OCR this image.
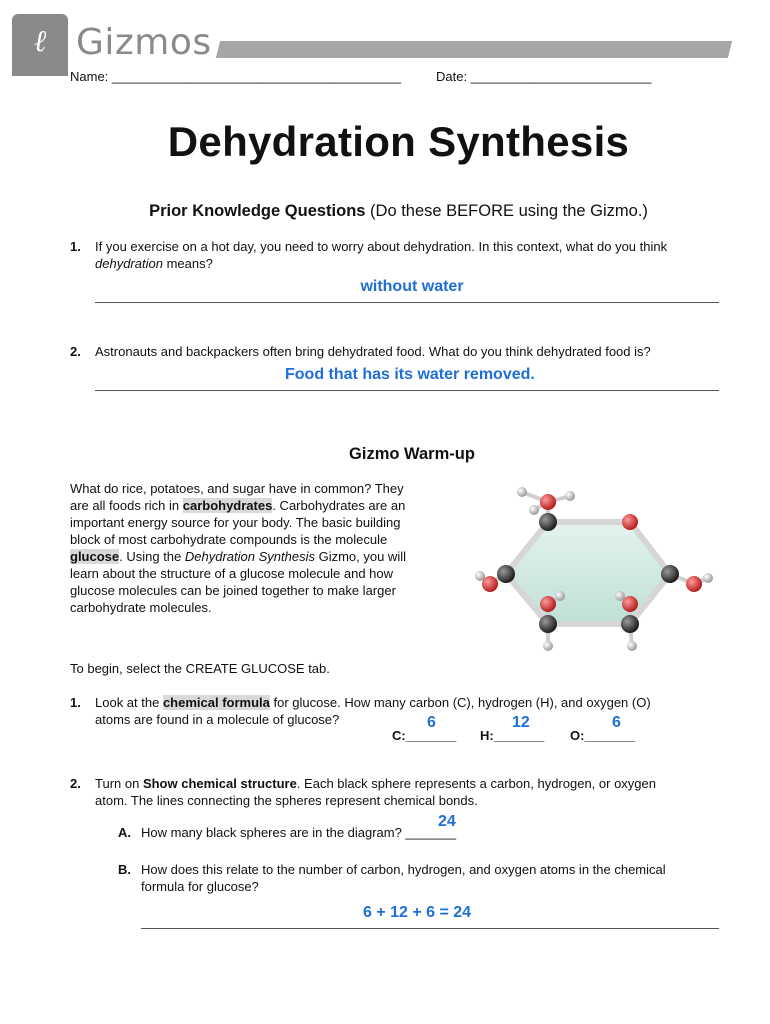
ℓ Gizmos
Name: ________________________________________	Date: _________________________
Dehydration Synthesis
Prior Knowledge Questions (Do these BEFORE using the Gizmo.)
1. If you exercise on a hot day, you need to worry about dehydration. In this context, what do you think
dehydration means?
without water
2. Astronauts and backpackers often bring dehydrated food. What do you think dehydrated food is?
Food that has its water removed.
Gizmo Warm-up
What do rice, potatoes, and sugar have in common? They
are all foods rich in carbohydrates. Carbohydrates are an
important energy source for your body. The basic building
block of most carbohydrate compounds is the molecule
glucose. Using the Dehydration Synthesis Gizmo, you will
learn about the structure of a glucose molecule and how
glucose molecules can be joined together to make larger
carbohydrate molecules.
To begin, select the CREATE GLUCOSE tab.
1. Look at the chemical formula for glucose. How many carbon (C), hydrogen (H), and oxygen (O)
atoms are found in a molecule of glucose?	6	12	6
C:_______ H:_______ O:_______
2. Turn on Show chemical structure. Each black sphere represents a carbon, hydrogen, or oxygen
atom. The lines connecting the spheres represent chemical bonds.
A. How many black spheres are in the diagram? _______
24
B. How does this relate to the number of carbon, hydrogen, and oxygen atoms in the chemical
formula for glucose?
6 + 12 + 6 = 24
